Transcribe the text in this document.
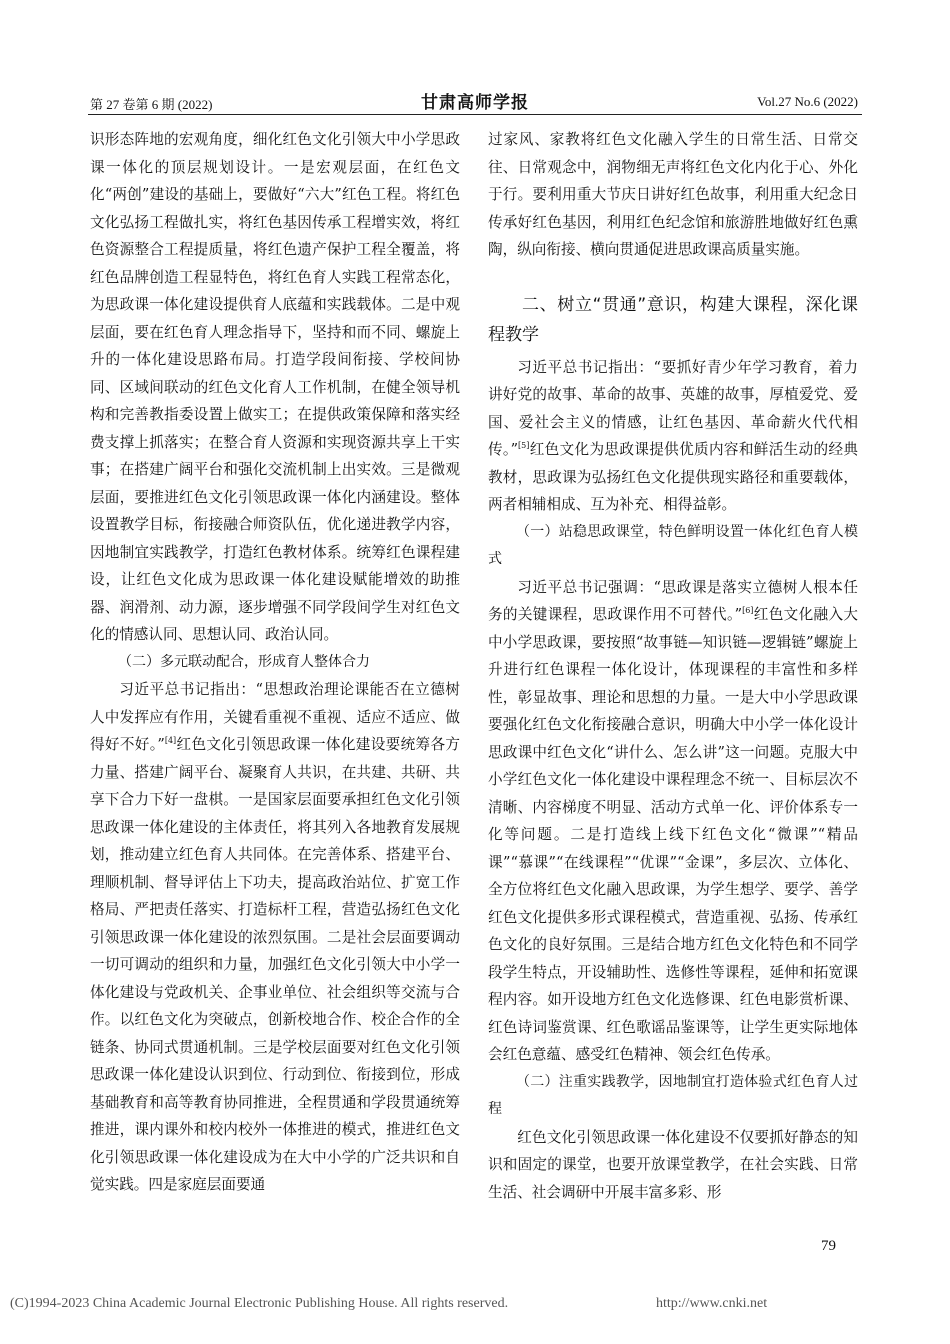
第 27 卷第 6 期 (2022)	甘肃高师学报	Vol.27 No.6 (2022)

识形态阵地的宏观角度，细化红色文化引领大中小学思政课一体化的顶层规划设计。一是宏观层面，在红色文化“两创”建设的基础上，要做好“六大”红色工程。将红色文化弘扬工程做扎实，将红色基因传承工程增实效，将红色资源整合工程提质量，将红色遗产保护工程全覆盖，将红色品牌创造工程显特色，将红色育人实践工程常态化，为思政课一体化建设提供育人底蕴和实践载体。二是中观层面，要在红色育人理念指导下，坚持和而不同、螺旋上升的一体化建设思路布局。打造学段间衔接、学校间协同、区域间联动的红色文化育人工作机制，在健全领导机构和完善教指委设置上做实工；在提供政策保障和落实经费支撑上抓落实；在整合育人资源和实现资源共享上干实事；在搭建广阔平台和强化交流机制上出实效。三是微观层面，要推进红色文化引领思政课一体化内涵建设。整体设置教学目标，衔接融合师资队伍，优化递进教学内容，因地制宜实践教学，打造红色教材体系。统筹红色课程建设，让红色文化成为思政课一体化建设赋能增效的助推器、润滑剂、动力源，逐步增强不同学段间学生对红色文化的情感认同、思想认同、政治认同。

（二）多元联动配合，形成育人整体合力

习近平总书记指出：“思想政治理论课能否在立德树人中发挥应有作用，关键看重视不重视、适应不适应、做得好不好。”[4]红色文化引领思政课一体化建设要统筹各方力量、搭建广阔平台、凝聚育人共识，在共建、共研、共享下合力下好一盘棋。一是国家层面要承担红色文化引领思政课一体化建设的主体责任，将其列入各地教育发展规划，推动建立红色育人共同体。在完善体系、搭建平台、理顺机制、督导评估上下功夫，提高政治站位、扩宽工作格局、严把责任落实、打造标杆工程，营造弘扬红色文化引领思政课一体化建设的浓烈氛围。二是社会层面要调动一切可调动的组织和力量，加强红色文化引领大中小学一体化建设与党政机关、企事业单位、社会组织等交流与合作。以红色文化为突破点，创新校地合作、校企合作的全链条、协同式贯通机制。三是学校层面要对红色文化引领思政课一体化建设认识到位、行动到位、衔接到位，形成基础教育和高等教育协同推进，全程贯通和学段贯通统筹推进，课内课外和校内校外一体推进的模式，推进红色文化引领思政课一体化建设成为在大中小学的广泛共识和自觉实践。四是家庭层面要通

过家风、家教将红色文化融入学生的日常生活、日常交往、日常观念中，润物细无声将红色文化内化于心、外化于行。要利用重大节庆日讲好红色故事，利用重大纪念日传承好红色基因，利用红色纪念馆和旅游胜地做好红色熏陶，纵向衔接、横向贯通促进思政课高质量实施。

二、树立“贯通”意识，构建大课程，深化课程教学

习近平总书记指出：“要抓好青少年学习教育，着力讲好党的故事、革命的故事、英雄的故事，厚植爱党、爱国、爱社会主义的情感，让红色基因、革命薪火代代相传。”[5]红色文化为思政课提供优质内容和鲜活生动的经典教材，思政课为弘扬红色文化提供现实路径和重要载体，两者相辅相成、互为补充、相得益彰。

（一）站稳思政课堂，特色鲜明设置一体化红色育人模式

习近平总书记强调：“思政课是落实立德树人根本任务的关键课程，思政课作用不可替代。”[6]红色文化融入大中小学思政课，要按照“故事链—知识链—逻辑链”螺旋上升进行红色课程一体化设计，体现课程的丰富性和多样性，彰显故事、理论和思想的力量。一是大中小学思政课要强化红色文化衔接融合意识，明确大中小学一体化设计思政课中红色文化“讲什么、怎么讲”这一问题。克服大中小学红色文化一体化建设中课程理念不统一、目标层次不清晰、内容梯度不明显、活动方式单一化、评价体系专一化等问题。二是打造线上线下红色文化“微课”“精品课”“慕课”“在线课程”“优课”“金课”，多层次、立体化、全方位将红色文化融入思政课，为学生想学、要学、善学红色文化提供多形式课程模式，营造重视、弘扬、传承红色文化的良好氛围。三是结合地方红色文化特色和不同学段学生特点，开设辅助性、选修性等课程，延伸和拓宽课程内容。如开设地方红色文化选修课、红色电影赏析课、红色诗词鉴赏课、红色歌谣品鉴课等，让学生更实际地体会红色意蕴、感受红色精神、领会红色传承。

（二）注重实践教学，因地制宜打造体验式红色育人过程

红色文化引领思政课一体化建设不仅要抓好静态的知识和固定的课堂，也要开放课堂教学，在社会实践、日常生活、社会调研中开展丰富多彩、形

79
(C)1994-2023 China Academic Journal Electronic Publishing House. All rights reserved.	http://www.cnki.net
